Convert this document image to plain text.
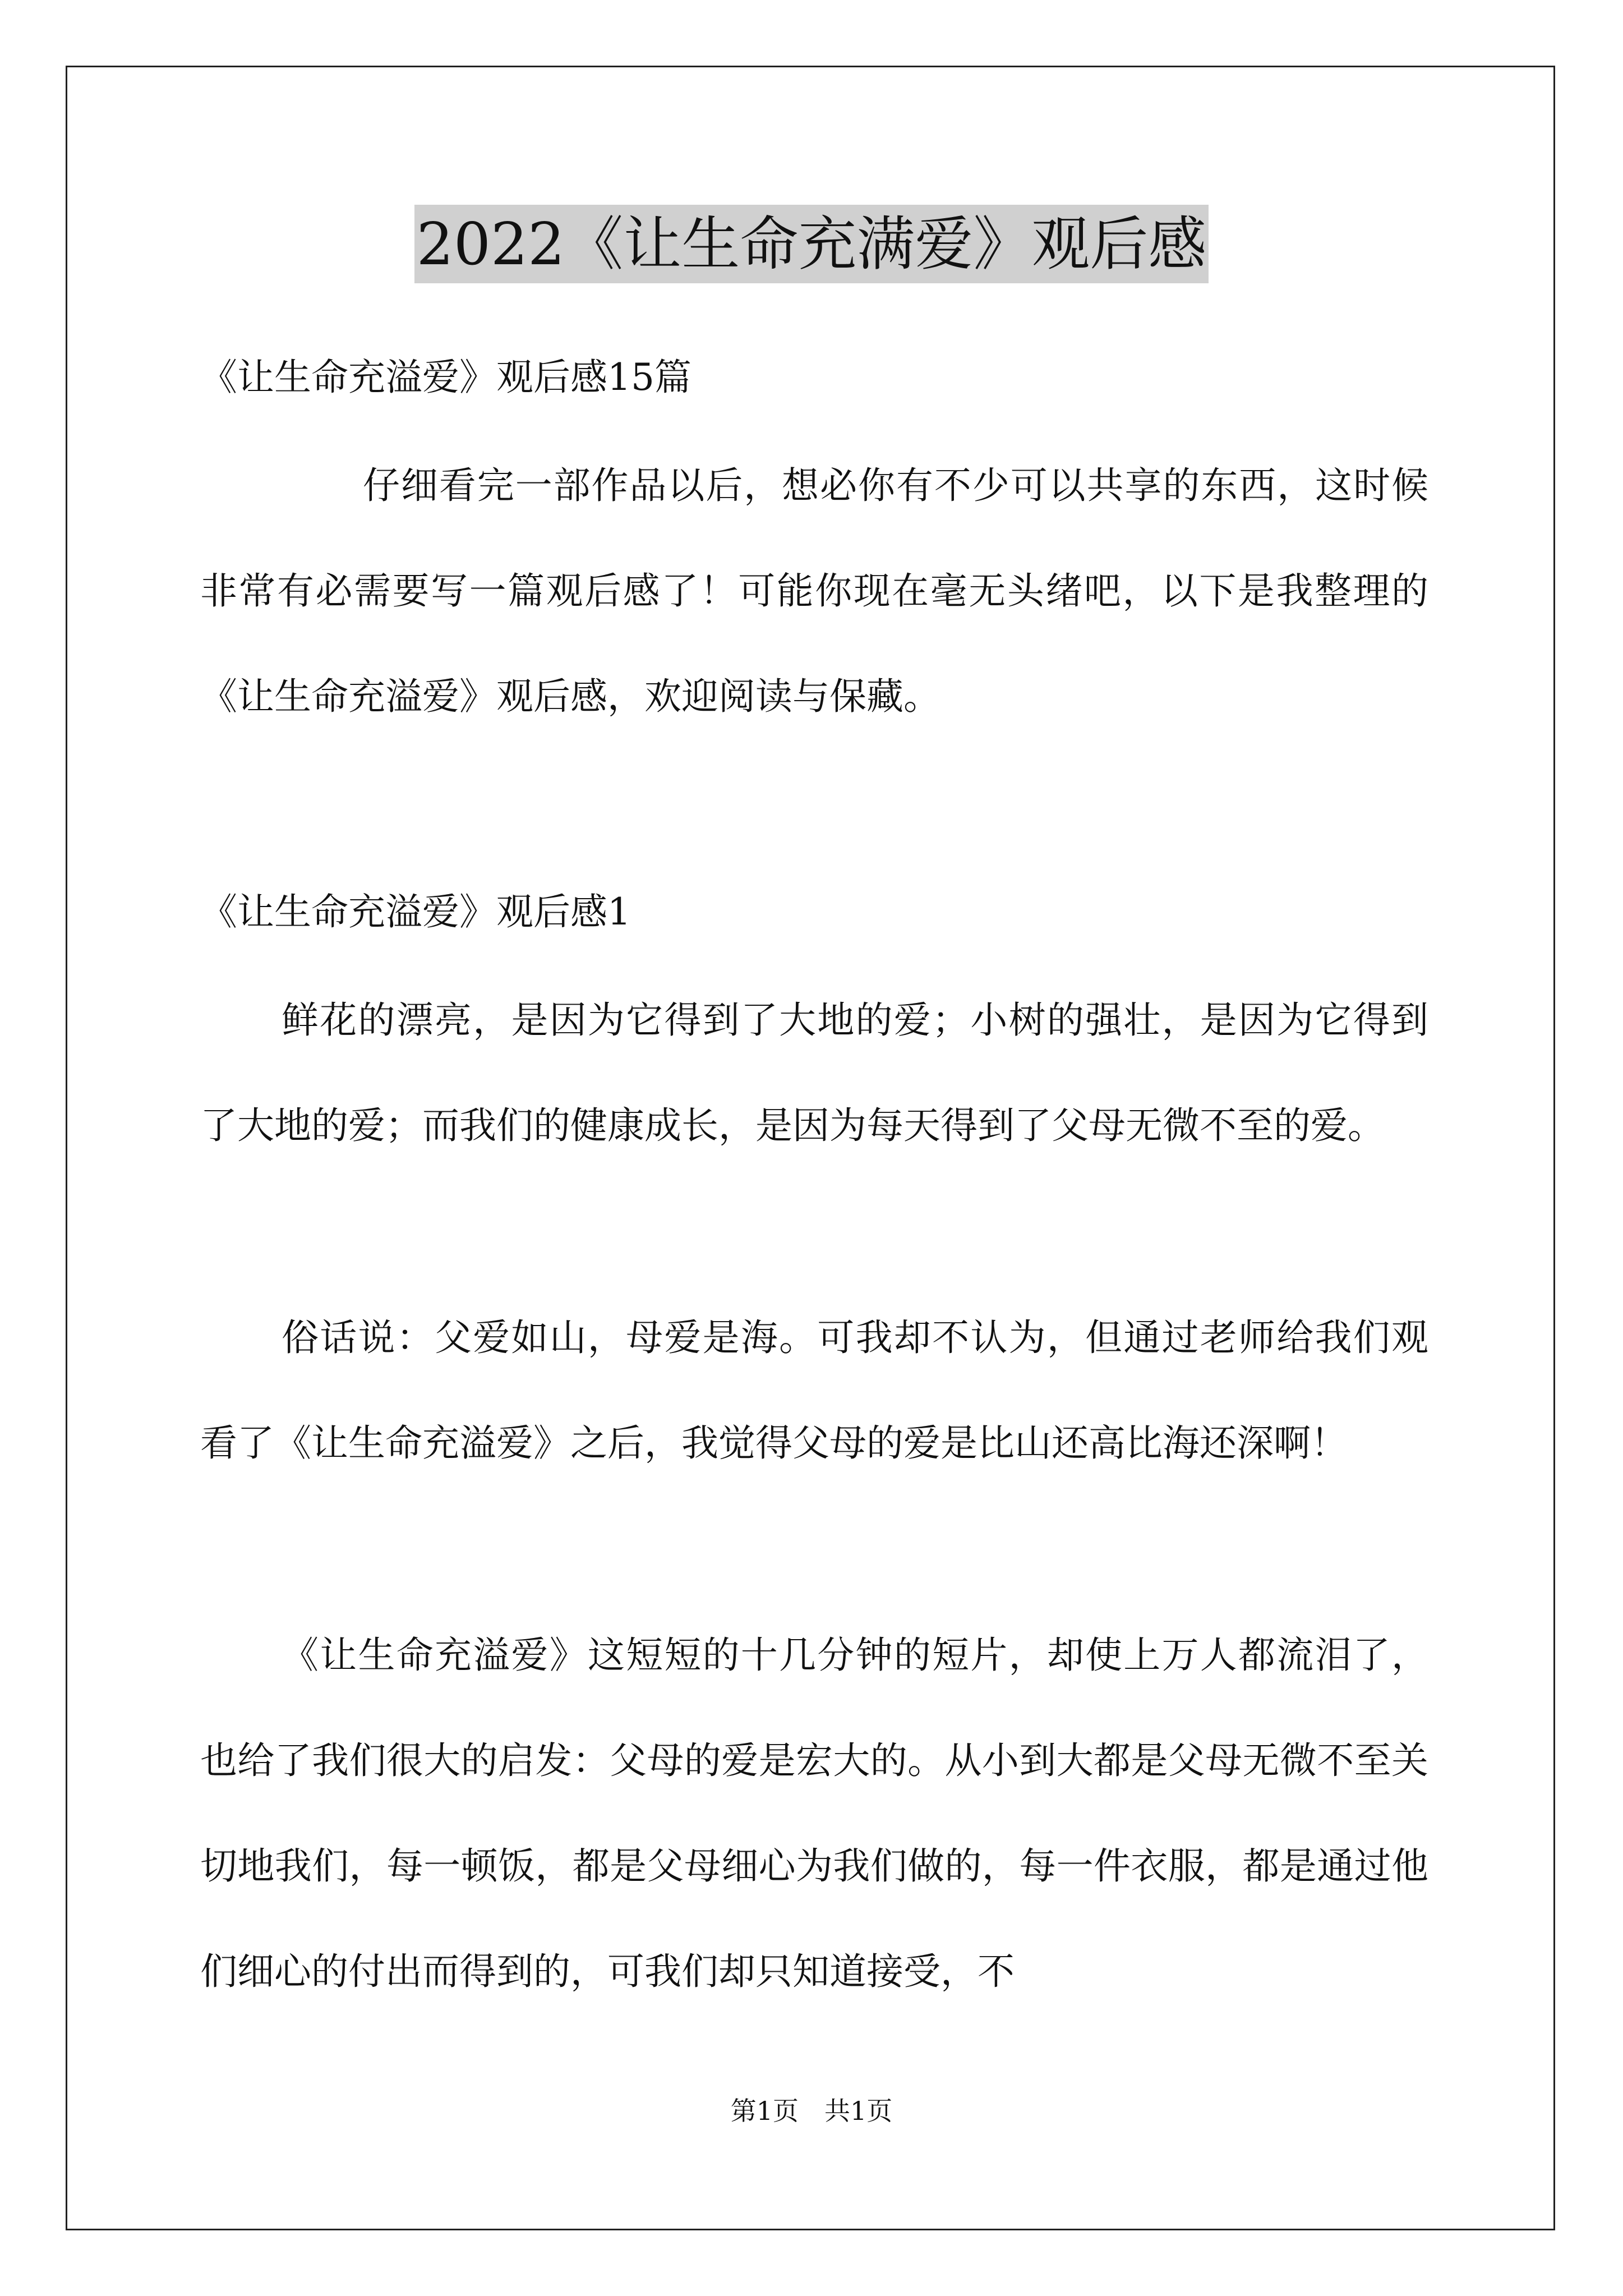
2022《让生命充满爱》观后感
《让生命充溢爱》观后感15篇
仔细看完一部作品以后，想必你有不少可以共享的东西，这时候非常有必需要写一篇观后感了！可能你现在毫无头绪吧，以下是我整理的《让生命充溢爱》观后感，欢迎阅读与保藏。
《让生命充溢爱》观后感1
鲜花的漂亮，是因为它得到了大地的爱；小树的强壮，是因为它得到了大地的爱；而我们的健康成长，是因为每天得到了父母无微不至的爱。
俗话说：父爱如山，母爱是海。可我却不认为，但通过老师给我们观看了《让生命充溢爱》之后，我觉得父母的爱是比山还高比海还深啊！
《让生命充溢爱》这短短的十几分钟的短片，却使上万人都流泪了，也给了我们很大的启发：父母的爱是宏大的。从小到大都是父母无微不至关切地我们，每一顿饭，都是父母细心为我们做的，每一件衣服，都是通过他们细心的付出而得到的，可我们却只知道接受，不
第1页　共1页
